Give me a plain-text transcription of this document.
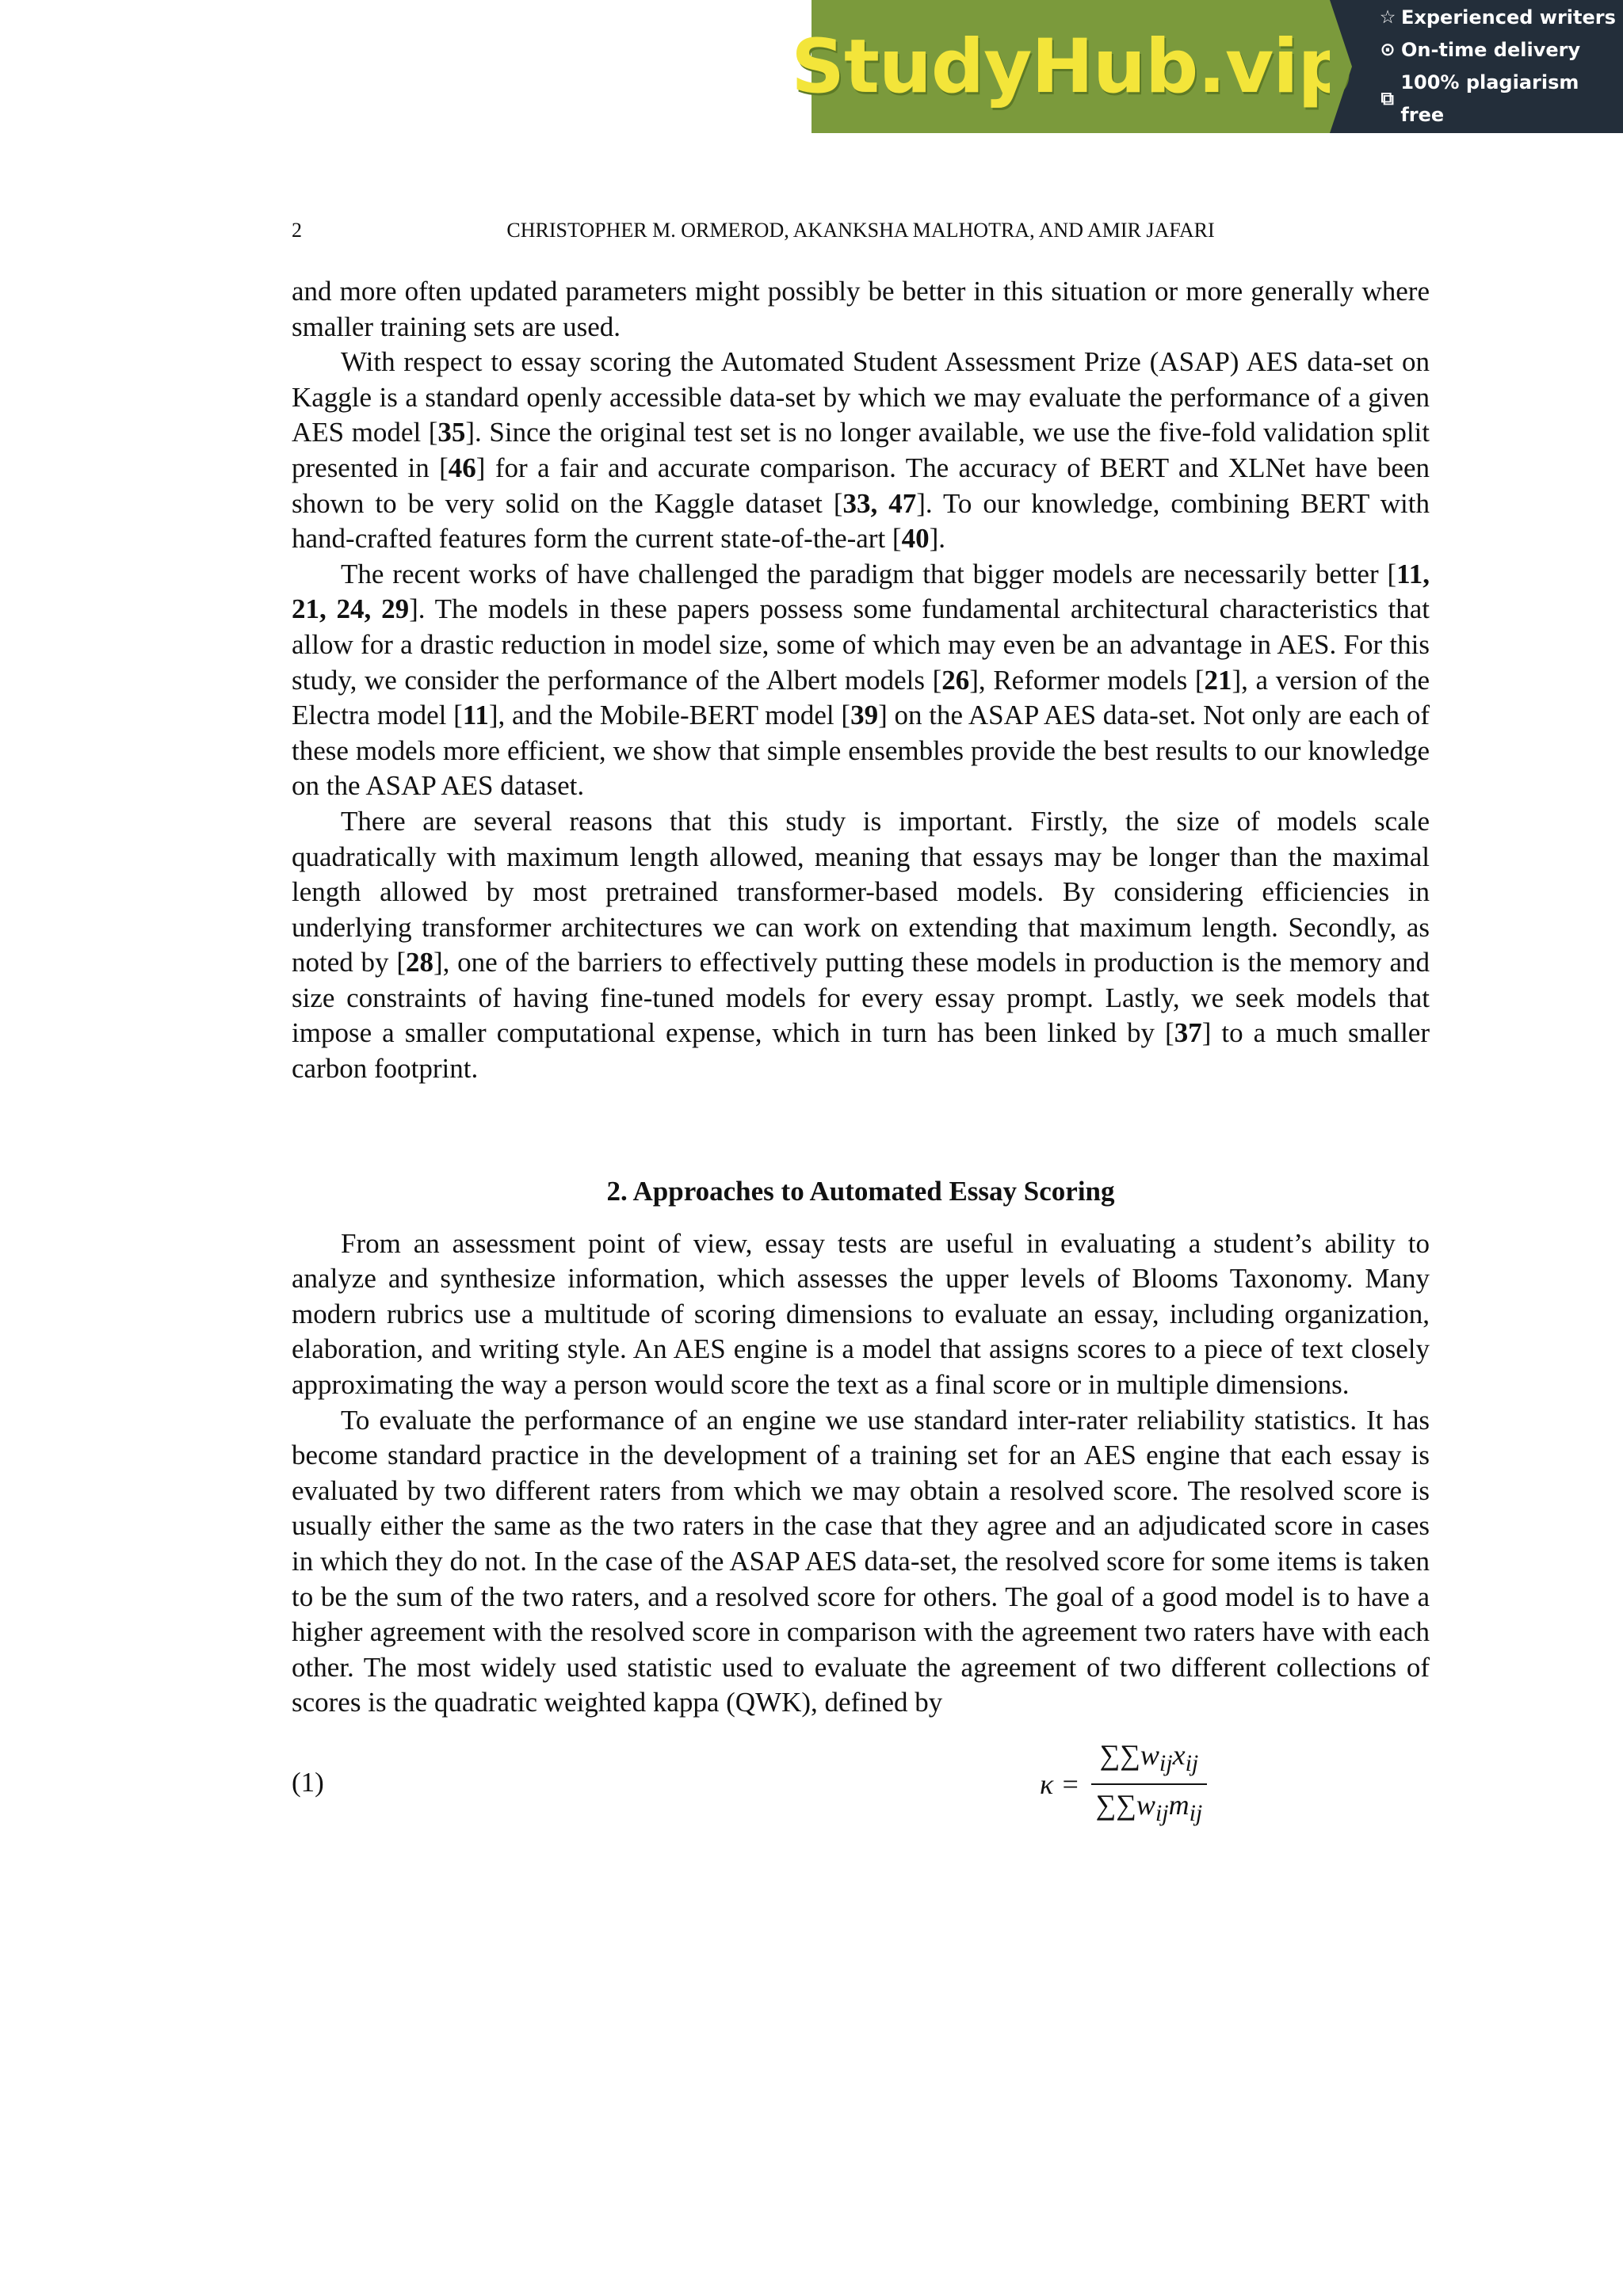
StudyHub.vip
☆ Experienced writers
⊙ On-time delivery
⧉
100% plagiarism free
2	CHRISTOPHER M. ORMEROD, AKANKSHA MALHOTRA, AND AMIR JAFARI

and more often updated parameters might possibly be better in this situation or more generally where smaller training sets are used.

With respect to essay scoring the Automated Student Assessment Prize (ASAP) AES data-set on Kaggle is a standard openly accessible data-set by which we may evaluate the performance of a given AES model [35]. Since the original test set is no longer available, we use the five-fold validation split presented in [46] for a fair and accurate comparison. The accuracy of BERT and XLNet have been shown to be very solid on the Kaggle dataset [33, 47]. To our knowledge, combining BERT with hand-crafted features form the current state-of-the-art [40].

The recent works of have challenged the paradigm that bigger models are necessarily better [11, 21, 24, 29]. The models in these papers possess some fundamental architectural characteristics that allow for a drastic reduction in model size, some of which may even be an advantage in AES. For this study, we consider the performance of the Albert models [26], Reformer models [21], a version of the Electra model [11], and the Mobile-BERT model [39] on the ASAP AES data-set. Not only are each of these models more efficient, we show that simple ensembles provide the best results to our knowledge on the ASAP AES dataset.

There are several reasons that this study is important. Firstly, the size of models scale quadratically with maximum length allowed, meaning that essays may be longer than the maximal length allowed by most pretrained transformer-based models. By considering efficiencies in underlying transformer architectures we can work on extending that maximum length. Secondly, as noted by [28], one of the barriers to effectively putting these models in production is the memory and size constraints of having fine-tuned models for every essay prompt. Lastly, we seek models that impose a smaller computational expense, which in turn has been linked by [37] to a much smaller carbon footprint.

2. Approaches to Automated Essay Scoring

From an assessment point of view, essay tests are useful in evaluating a student’s ability to analyze and synthesize information, which assesses the upper levels of Blooms Taxonomy. Many modern rubrics use a multitude of scoring dimensions to evaluate an essay, including organization, elaboration, and writing style. An AES engine is a model that assigns scores to a piece of text closely approximating the way a person would score the text as a final score or in multiple dimensions.

To evaluate the performance of an engine we use standard inter-rater reliability statistics. It has become standard practice in the development of a training set for an AES engine that each essay is evaluated by two different raters from which we may obtain a resolved score. The resolved score is usually either the same as the two raters in the case that they agree and an adjudicated score in cases in which they do not. In the case of the ASAP AES data-set, the resolved score for some items is taken to be the sum of the two raters, and a resolved score for others. The goal of a good model is to have a higher agreement with the resolved score in comparison with the agreement two raters have with each other. The most widely used statistic used to evaluate the agreement of two different collections of scores is the quadratic weighted kappa (QWK), defined by

(1)	$\kappa = \frac{\sum\sum w_{ij}x_{ij}}{\sum\sum w_{ij}m_{ij}}$
